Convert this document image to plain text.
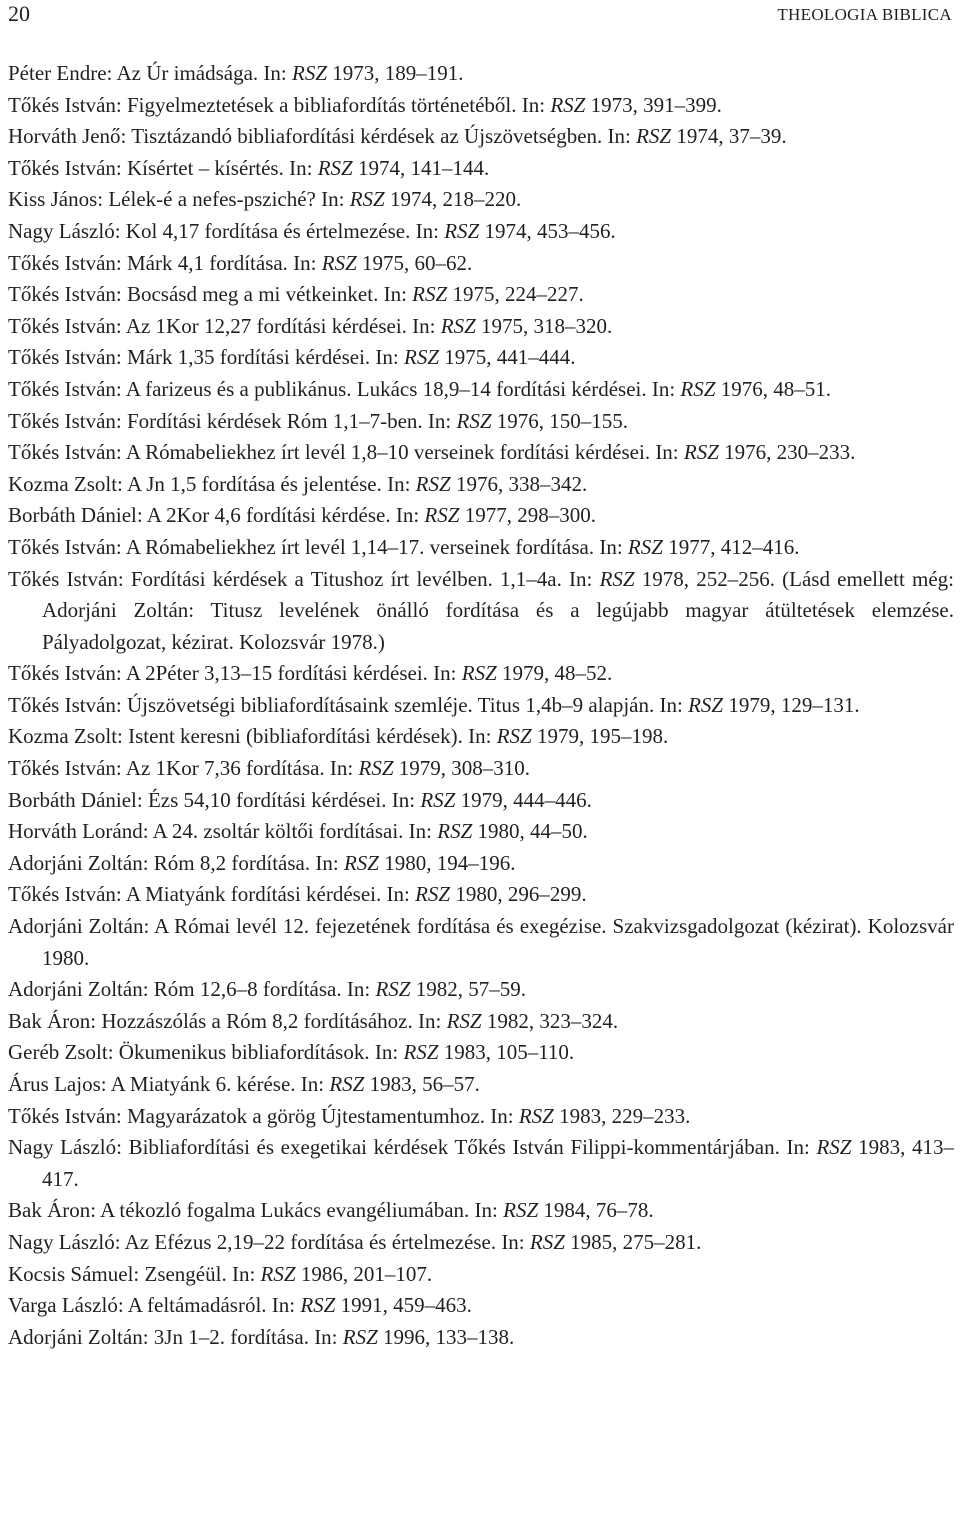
20	THEOLOGIA BIBLICA

Péter Endre: Az Úr imádsága. In: RSZ 1973, 189–191.

Tőkés István: Figyelmeztetések a bibliafordítás történetéből. In: RSZ 1973, 391–399.

Horváth Jenő: Tisztázandó bibliafordítási kérdések az Újszövetségben. In: RSZ 1974, 37–39.

Tőkés István: Kísértet – kísértés. In: RSZ 1974, 141–144.

Kiss János: Lélek-é a nefes-psziché? In: RSZ 1974, 218–220.

Nagy László: Kol 4,17 fordítása és értelmezése. In: RSZ 1974, 453–456.

Tőkés István: Márk 4,1 fordítása. In: RSZ 1975, 60–62.

Tőkés István: Bocsásd meg a mi vétkeinket. In: RSZ 1975, 224–227.

Tőkés István: Az 1Kor 12,27 fordítási kérdései. In: RSZ 1975, 318–320.

Tőkés István: Márk 1,35 fordítási kérdései. In: RSZ 1975, 441–444.

Tőkés István: A farizeus és a publikánus. Lukács 18,9–14 fordítási kérdései. In: RSZ 1976, 48–51.

Tőkés István: Fordítási kérdések Róm 1,1–7-ben. In: RSZ 1976, 150–155.

Tőkés István: A Rómabeliekhez írt levél 1,8–10 verseinek fordítási kérdései. In: RSZ 1976, 230–233.

Kozma Zsolt: A Jn 1,5 fordítása és jelentése. In: RSZ 1976, 338–342.

Borbáth Dániel: A 2Kor 4,6 fordítási kérdése. In: RSZ 1977, 298–300.

Tőkés István: A Rómabeliekhez írt levél 1,14–17. verseinek fordítása. In: RSZ 1977, 412–416.

Tőkés István: Fordítási kérdések a Titushoz írt levélben. 1,1–4a. In: RSZ 1978, 252–256. (Lásd emellett még: Adorjáni Zoltán: Titusz levelének önálló fordítása és a legújabb magyar átültetések elemzése. Pályadolgozat, kézirat. Kolozsvár 1978.)

Tőkés István: A 2Péter 3,13–15 fordítási kérdései. In: RSZ 1979, 48–52.

Tőkés István: Újszövetségi bibliafordításaink szemléje. Titus 1,4b–9 alapján. In: RSZ 1979, 129–131.

Kozma Zsolt: Istent keresni (bibliafordítási kérdések). In: RSZ 1979, 195–198.

Tőkés István: Az 1Kor 7,36 fordítása. In: RSZ 1979, 308–310.

Borbáth Dániel: Ézs 54,10 fordítási kérdései. In: RSZ 1979, 444–446.

Horváth Loránd: A 24. zsoltár költői fordításai. In: RSZ 1980, 44–50.

Adorjáni Zoltán: Róm 8,2 fordítása. In: RSZ 1980, 194–196.

Tőkés István: A Miatyánk fordítási kérdései. In: RSZ 1980, 296–299.

Adorjáni Zoltán: A Római levél 12. fejezetének fordítása és exegézise. Szakvizsgadolgozat (kézirat). Kolozsvár 1980.

Adorjáni Zoltán: Róm 12,6–8 fordítása. In: RSZ 1982, 57–59.

Bak Áron: Hozzászólás a Róm 8,2 fordításához. In: RSZ 1982, 323–324.

Geréb Zsolt: Ökumenikus bibliafordítások. In: RSZ 1983, 105–110.

Árus Lajos: A Miatyánk 6. kérése. In: RSZ 1983, 56–57.

Tőkés István: Magyarázatok a görög Újtestamentumhoz. In: RSZ 1983, 229–233.

Nagy László: Bibliafordítási és exegetikai kérdések Tőkés István Filippi-kommentárjában. In: RSZ 1983, 413–417.

Bak Áron: A tékozló fogalma Lukács evangéliumában. In: RSZ 1984, 76–78.

Nagy László: Az Efézus 2,19–22 fordítása és értelmezése. In: RSZ 1985, 275–281.

Kocsis Sámuel: Zsengéül. In: RSZ 1986, 201–107.

Varga László: A feltámadásról. In: RSZ 1991, 459–463.

Adorjáni Zoltán: 3Jn 1–2. fordítása. In: RSZ 1996, 133–138.
